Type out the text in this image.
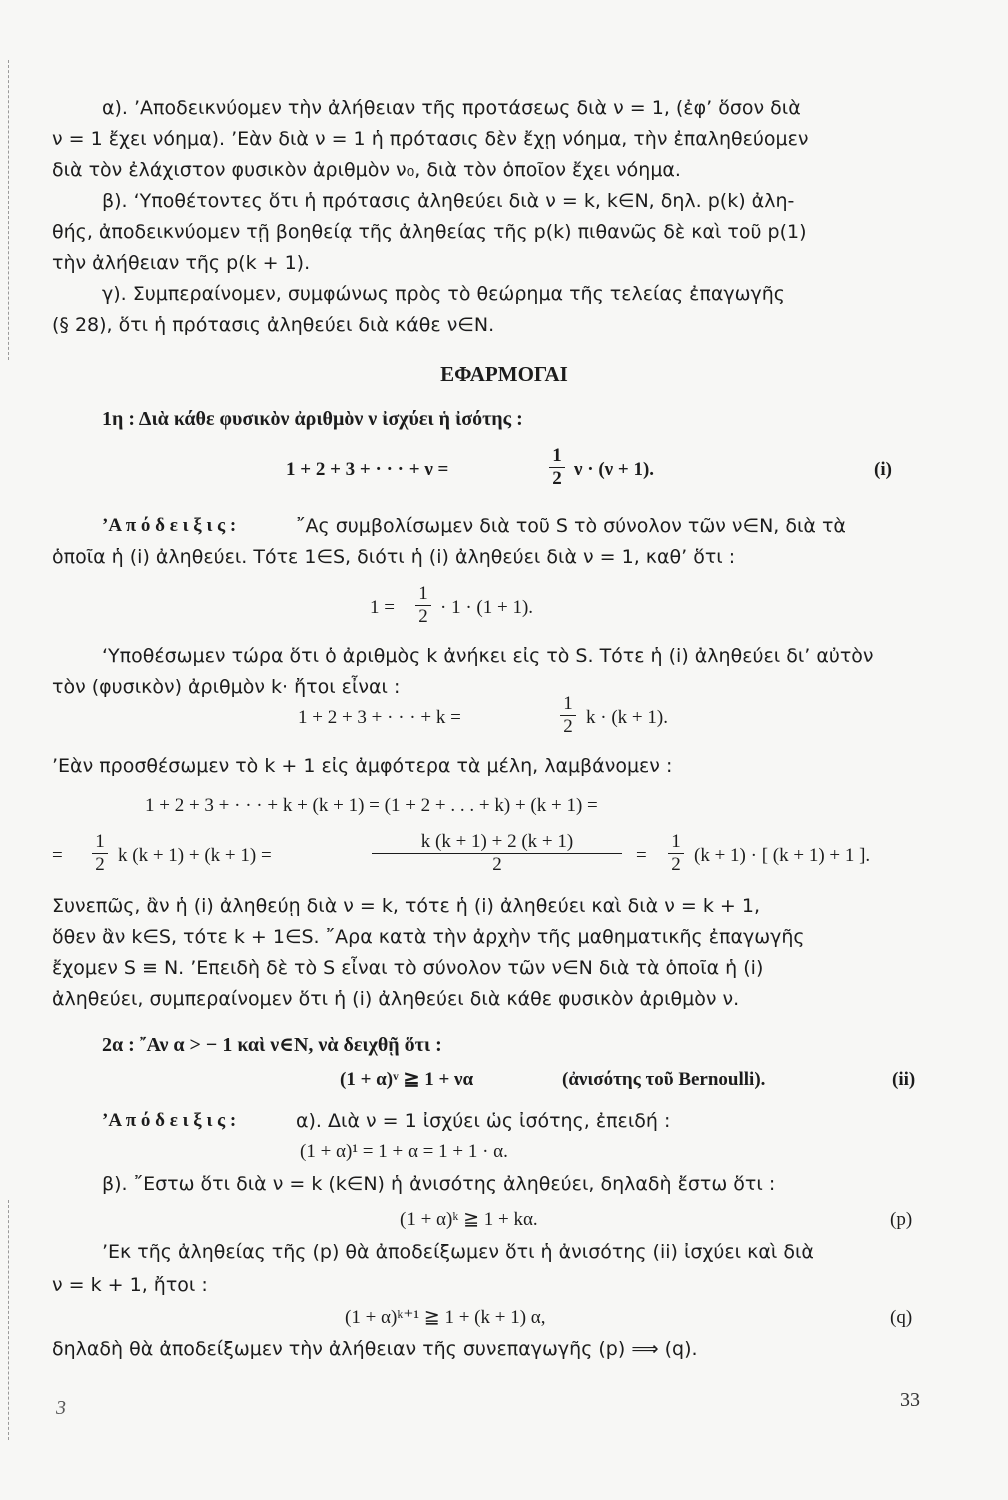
α). ’Αποδεικνύομεν τὴν ἀλήθειαν τῆς προτάσεως διὰ ν = 1, (ἐφ’ ὅσον διὰ
ν = 1 ἔχει νόημα). ’Εὰν διὰ ν = 1 ἡ πρότασις δὲν ἔχῃ νόημα, τὴν ἐπαληθεύομεν
διὰ τὸν ἐλάχιστον φυσικὸν ἀριθμὸν ν₀, διὰ τὸν ὁποῖον ἔχει νόημα.
β). ‘Υποθέτοντες ὅτι ἡ πρότασις ἀληθεύει διὰ ν = k, k∈N, δηλ. p(k) ἀλη-
θής, ἀποδεικνύομεν τῇ βοηθείᾳ τῆς ἀληθείας τῆς p(k) πιθανῶς δὲ καὶ τοῦ p(1)
τὴν ἀλήθειαν τῆς p(k + 1).
γ). Συμπεραίνομεν, συμφώνως πρὸς τὸ θεώρημα τῆς τελείας ἐπαγωγῆς
(§ 28), ὅτι ἡ πρότασις ἀληθεύει διὰ κάθε ν∈N.
ΕΦΑΡΜΟΓΑΙ
1η : Διὰ κάθε φυσικὸν ἀριθμὸν ν ἰσχύει ἡ ἰσότης :
1 + 2 + 3 + · · · + ν =
1
2 ν · (ν + 1).	(i)
’Α π ό δ ε ι ξ ι ς :	῎Ας συμβολίσωμεν διὰ τοῦ S τὸ σύνολον τῶν ν∈N, διὰ τὰ
ὁποῖα ἡ (i) ἀληθεύει. Τότε 1∈S, διότι ἡ (i) ἀληθεύει διὰ ν = 1, καθ’ ὅτι :
1 =
1
2 · 1 · (1 + 1).
‘Υποθέσωμεν τώρα ὅτι ὁ ἀριθμὸς k ἀνήκει εἰς τὸ S. Τότε ἡ (i) ἀληθεύει δι’ αὐτὸν
τὸν (φυσικὸν) ἀριθμὸν k· ἤτοι εἶναι :
1 + 2 + 3 + · · · + k =
1
2 k · (k + 1).
’Εὰν προσθέσωμεν τὸ k + 1 εἰς ἀμφότερα τὰ μέλη, λαμβάνομεν :
1 + 2 + 3 + · · · + k + (k + 1) = (1 + 2 + . . . + k) + (k + 1) =
=
1
2 k (k + 1) + (k + 1) =
k (k + 1) + 2 (k + 1)
2	=
1
2 (k + 1) · [ (k + 1) + 1 ].
Συνεπῶς, ἂν ἡ (i) ἀληθεύῃ διὰ ν = k, τότε ἡ (i) ἀληθεύει καὶ διὰ ν = k + 1,
ὅθεν ἂν k∈S, τότε k + 1∈S. ῎Αρα κατὰ τὴν ἀρχὴν τῆς μαθηματικῆς ἐπαγωγῆς
ἔχομεν S ≡ N. ’Επειδὴ δὲ τὸ S εἶναι τὸ σύνολον τῶν ν∈N διὰ τὰ ὁποῖα ἡ (i)
ἀληθεύει, συμπεραίνομεν ὅτι ἡ (i) ἀληθεύει διὰ κάθε φυσικὸν ἀριθμὸν ν.
2α : ῎Αν α > − 1 καὶ ν∈N, νὰ δειχθῇ ὅτι :
(1 + α)ᵛ ≧ 1 + να	(ἀνισότης τοῦ Bernoulli).	(ii)
’Α π ό δ ε ι ξ ι ς :	α). Διὰ ν = 1 ἰσχύει ὡς ἰσότης, ἐπειδή :
(1 + α)¹ = 1 + α = 1 + 1 · α.
β). ῎Εστω ὅτι διὰ ν = k (k∈N) ἡ ἀνισότης ἀληθεύει, δηλαδὴ ἔστω ὅτι :
(1 + α)ᵏ ≧ 1 + kα.	(p)
’Εκ τῆς ἀληθείας τῆς (p) θὰ ἀποδείξωμεν ὅτι ἡ ἀνισότης (ii) ἰσχύει καὶ διὰ
ν = k + 1, ἤτοι :
(1 + α)ᵏ⁺¹ ≧ 1 + (k + 1) α,	(q)
δηλαδὴ θὰ ἀποδείξωμεν τὴν ἀλήθειαν τῆς συνεπαγωγῆς (p) ⟹ (q).
3	33
